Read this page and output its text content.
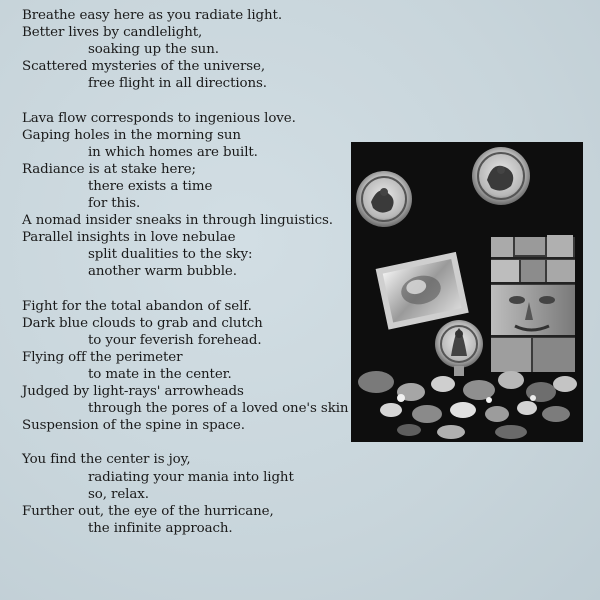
Breathe easy here as you radiate light.
Better lives by candlelight,
soaking up the sun.
Scattered mysteries of the universe,
free flight in all directions.
Lava flow corresponds to ingenious love.
Gaping holes in the morning sun
in which homes are built.
Radiance is at stake here;
there exists a time
for this.
A nomad insider sneaks in through linguistics.
Parallel insights in love nebulae
split dualities to the sky:
another warm bubble.
Fight for the total abandon of self.
Dark blue clouds to grab and clutch
to your feverish forehead.
Flying off the perimeter
to mate in the center.
Judged by light-rays' arrowheads
through the pores of a loved one's skin
Suspension of the spine in space.
You find the center is joy,
radiating your mania into light
so, relax.
Further out, the eye of the hurricane,
the infinite approach.
